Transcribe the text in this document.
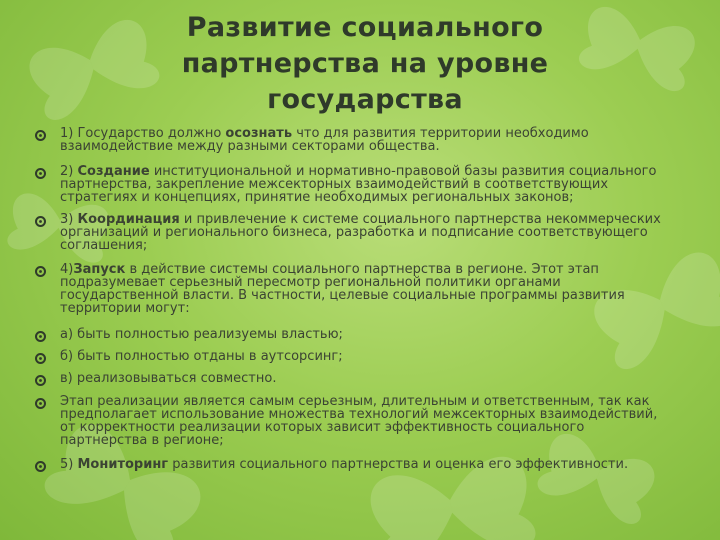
Развитие социального
партнерства на уровне
государства
1) Государство должно осознать что для развития территории необходимо
взаимодействие между разными секторами общества.
2) Создание институциональной и нормативно-правовой базы развития социального
партнерства, закрепление межсекторных взаимодействий в соответствующих
стратегиях и концепциях, принятие необходимых региональных законов;
3) Координация и привлечение к системе социального партнерства некоммерческих
организаций и регионального бизнеса, разработка и подписание соответствующего
соглашения;
4)Запуск в действие системы социального партнерства в регионе. Этот этап
подразумевает серьезный пересмотр региональной политики органами
государственной власти. В частности, целевые социальные программы развития
территории могут:
а) быть полностью реализуемы властью;
б) быть полностью отданы в аутсорсинг;
в) реализовываться совместно.
Этап реализации является самым серьезным, длительным и ответственным, так как
предполагает использование множества технологий межсекторных взаимодействий,
от корректности реализации которых зависит эффективность социального
партнерства в регионе;
5) Мониторинг развития социального партнерства и оценка его эффективности.
